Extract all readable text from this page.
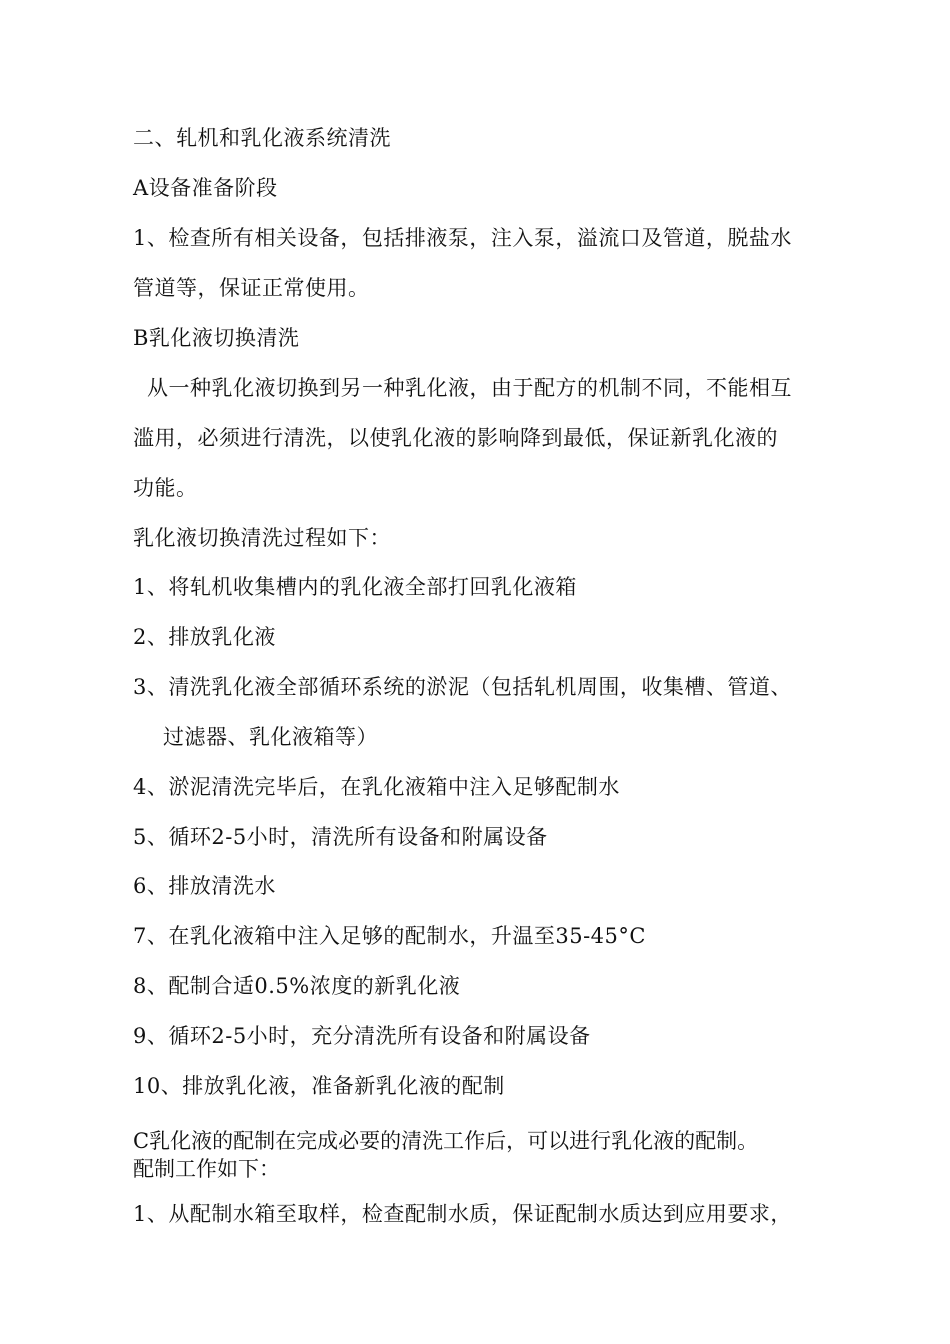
二、轧机和乳化液系统清洗
A设备准备阶段
1、检查所有相关设备，包括排液泵，注入泵，溢流口及管道，脱盐水
管道等，保证正常使用。
B乳化液切换清洗
从一种乳化液切换到另一种乳化液，由于配方的机制不同，不能相互
滥用，必须进行清洗，以使乳化液的影响降到最低，保证新乳化液的
功能。
乳化液切换清洗过程如下：
1、将轧机收集槽内的乳化液全部打回乳化液箱
2、排放乳化液
3、清洗乳化液全部循环系统的淤泥（包括轧机周围，收集槽、管道、
过滤器、乳化液箱等）
4、淤泥清洗完毕后，在乳化液箱中注入足够配制水
5、循环2-5小时，清洗所有设备和附属设备
6、排放清洗水
7、在乳化液箱中注入足够的配制水，升温至35-45°C
8、配制合适0.5%浓度的新乳化液
9、循环2-5小时，充分清洗所有设备和附属设备
10、排放乳化液，准备新乳化液的配制
C乳化液的配制在完成必要的清洗工作后，可以进行乳化液的配制。
配制工作如下：
1、从配制水箱至取样，检查配制水质，保证配制水质达到应用要求，
